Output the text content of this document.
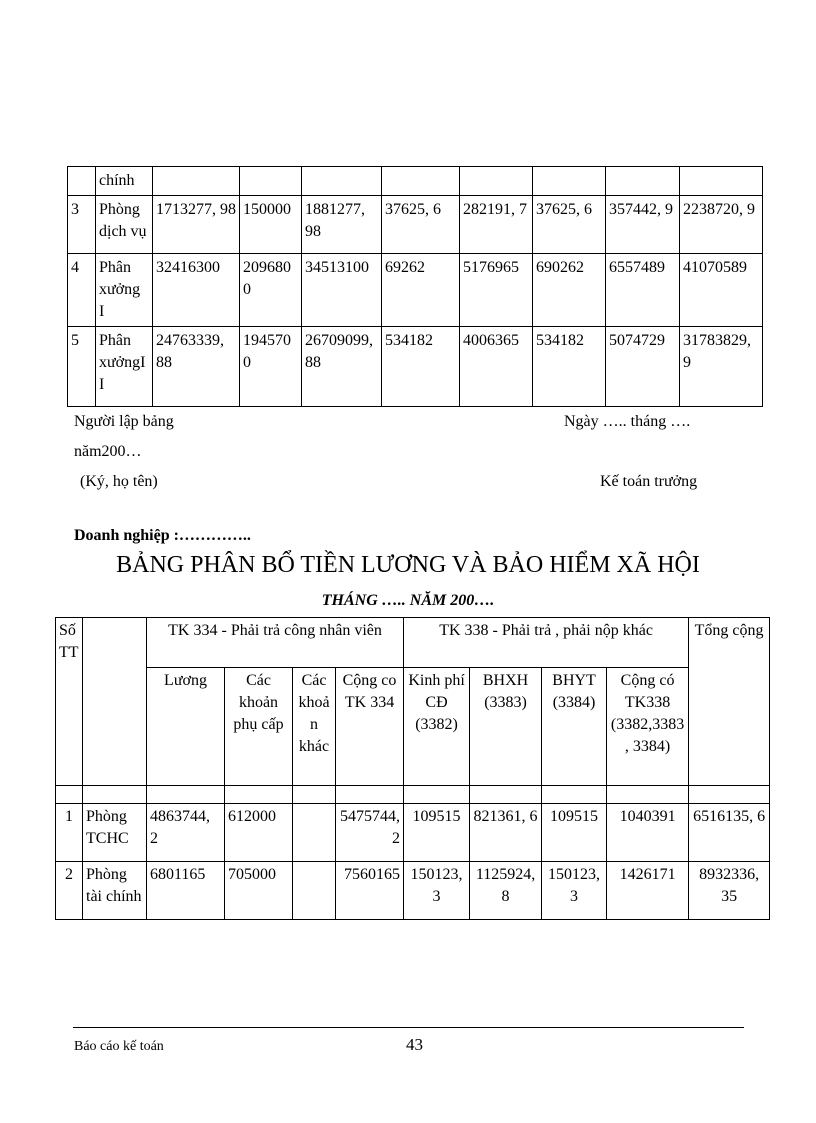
	chính								
3	Phòng dịch vụ	1713277, 98	150000	1881277, 98	37625, 6	282191, 7	37625, 6	357442, 9	2238720, 9
4	Phân xưởng I	32416300	2096800	34513100	69262	5176965	690262	6557489	41070589
5	Phân xưởngI I	24763339, 88	1945700	26709099, 88	534182	4006365	534182	5074729	31783829, 9
Người lập bảng	Ngày ….. tháng ….
năm200…
(Ký, họ tên)	Kế toán trưởng
Doanh nghiệp :…………..
BẢNG PHÂN BỔ TIỀN LƯƠNG VÀ BẢO HIỂM XÃ HỘI
THÁNG ….. NĂM 200….
Số TT		TK 334 - Phải trả công nhân viên				TK 338 - Phải trả , phải nộp khác				Tổng cộng
		Lương	Các khoản phụ cấp	Các khoả n khác	Cộng co TK 334	Kinh phí CĐ (3382)	BHXH (3383)	BHYT (3384)	Cộng có TK338 (3382,3383, 3384)	

1	Phòng TCHC	4863744, 2	612000		5475744, 2	109515	821361, 6	109515	1040391	6516135, 6
2	Phòng tài chính	6801165	705000		7560165	150123, 3	1125924, 8	150123, 3	1426171	8932336, 35
Báo cáo kế toán	43
